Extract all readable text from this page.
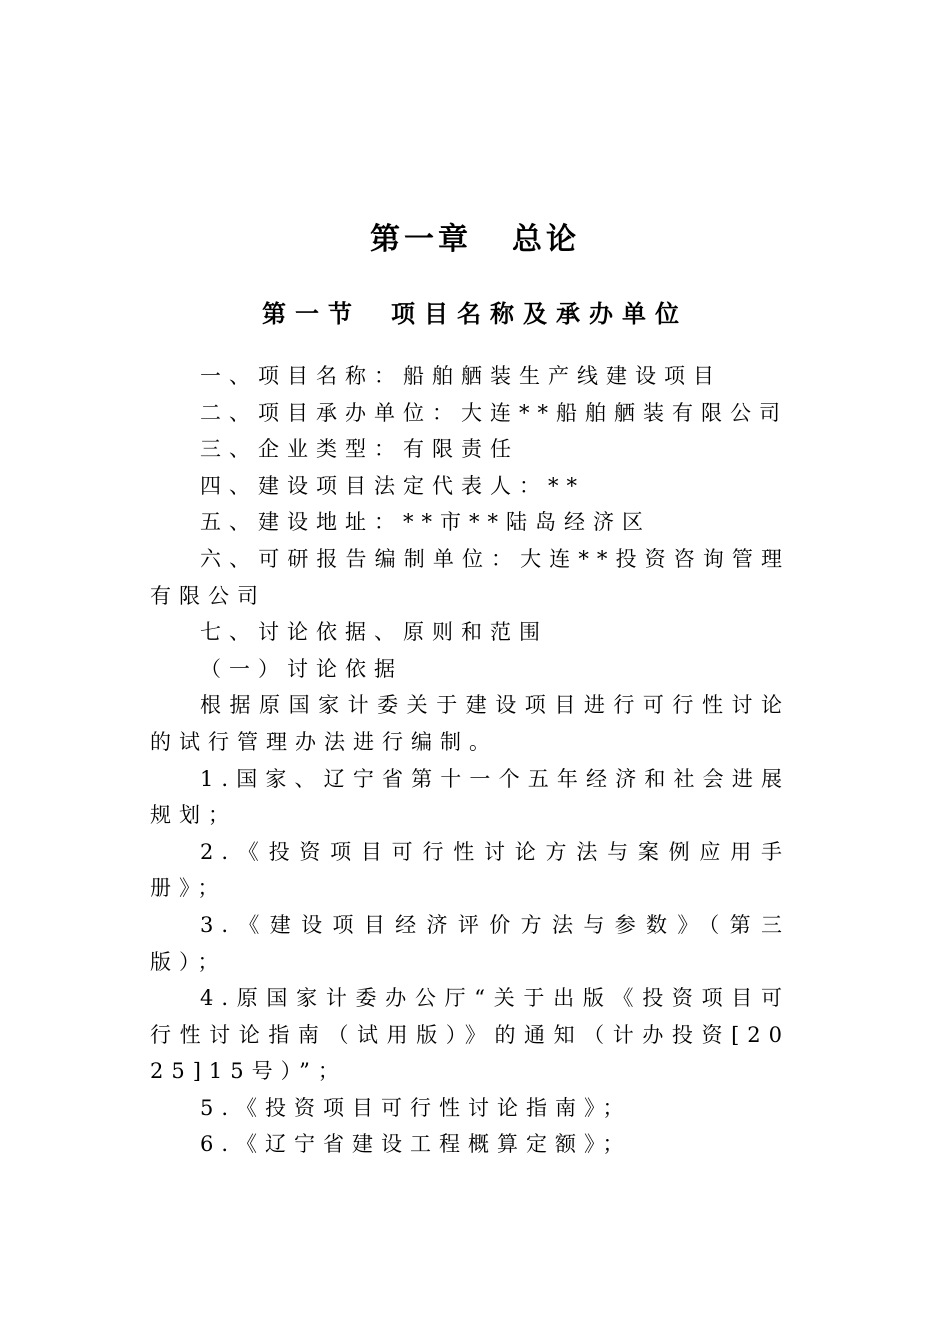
第一章 总论
第一节 项目名称及承办单位

一、项目名称：船舶舾装生产线建设项目

二、项目承办单位：大连**船舶舾装有限公司

三、企业类型：有限责任

四、建设项目法定代表人：**

五、建设地址：**市**陆岛经济区

六、可研报告编制单位：大连**投资咨询管理有限公司

七、讨论依据、原则和范围

（一）讨论依据

根据原国家计委关于建设项目进行可行性讨论的试行管理办法进行编制。

1.国家、辽宁省第十一个五年经济和社会进展规划；

2.《投资项目可行性讨论方法与案例应用手册》；

3.《建设项目经济评价方法与参数》（第三版）；

4.原国家计委办公厅“关于出版《投资项目可行性讨论指南（试用版）》的通知（计办投资[2025]15号）”；

5.《投资项目可行性讨论指南》；

6.《辽宁省建设工程概算定额》；
